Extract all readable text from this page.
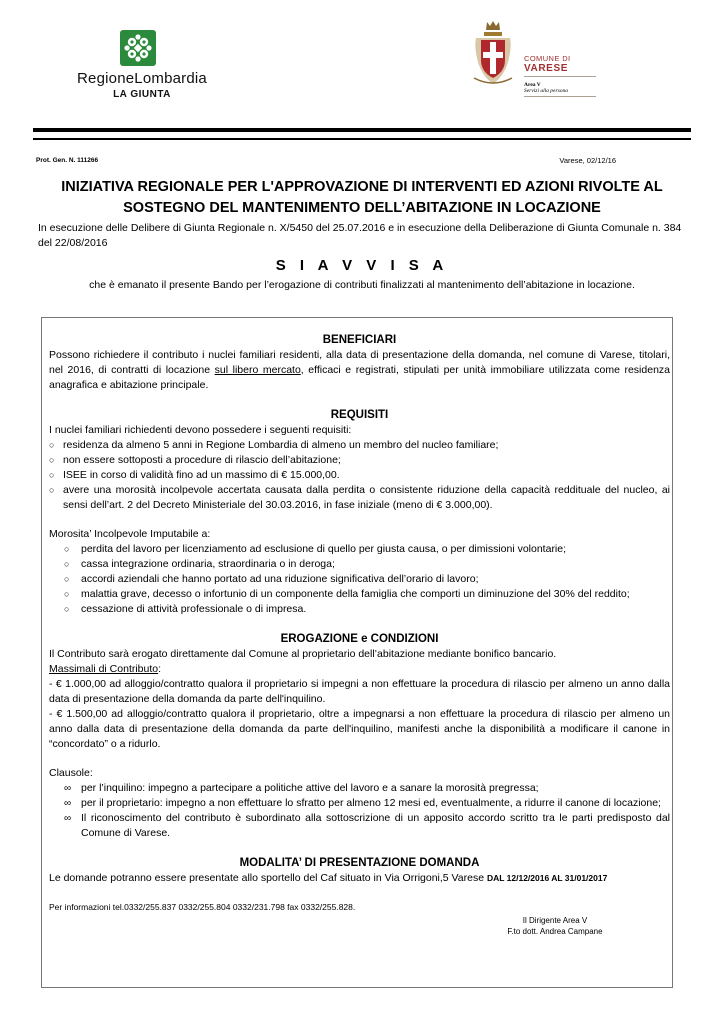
RegioneLombardia
LA GIUNTA
COMUNE DI
VARESE
Area V
Servizi alla persona
Prot. Gen. N. 111266	Varese, 02/12/16
INIZIATIVA REGIONALE PER L'APPROVAZIONE DI INTERVENTI ED AZIONI RIVOLTE AL
SOSTEGNO DEL MANTENIMENTO DELL’ABITAZIONE IN LOCAZIONE
In esecuzione delle Delibere di Giunta Regionale n. X/5450 del 25.07.2016 e in esecuzione della Deliberazione di Giunta Comunale n. 384 del 22/08/2016
S I A V V I S A
che è emanato il presente Bando per l’erogazione di contributi finalizzati al mantenimento dell’abitazione in locazione.
BENEFICIARI

Possono richiedere il contributo i nuclei familiari residenti, alla data di presentazione della domanda, nel comune di Varese, titolari, nel 2016, di contratti di locazione sul libero mercato, efficaci e registrati, stipulati per unità immobiliare utilizzata come residenza anagrafica e abitazione principale.

REQUISITI
I nuclei familiari richiedenti devono possedere i seguenti requisiti:
○ residenza da almeno 5 anni in Regione Lombardia di almeno un membro del nucleo familiare;
○ non essere sottoposti a procedure di rilascio dell’abitazione;
○ ISEE in corso di validità fino ad un massimo di € 15.000,00.
○ avere una morosità incolpevole accertata causata dalla perdita o consistente riduzione della capacità reddituale del nucleo, ai sensi dell’art. 2 del Decreto Ministeriale del 30.03.2016, in fase iniziale (meno di € 3.000,00).
Morosita’ Incolpevole Imputabile a:
○ perdita del lavoro per licenziamento ad esclusione di quello per giusta causa, o per dimissioni volontarie;
○ cassa integrazione ordinaria, straordinaria o in deroga;
○ accordi aziendali che hanno portato ad una riduzione significativa dell’orario di lavoro;
○ malattia grave, decesso o infortunio di un componente della famiglia che comporti un diminuzione del 30% del reddito;
○ cessazione di attività professionale o di impresa.
EROGAZIONE e CONDIZIONI
Il Contributo sarà erogato direttamente dal Comune al proprietario dell’abitazione mediante bonifico bancario.
Massimali di Contributo:

- € 1.000,00 ad alloggio/contratto qualora il proprietario si impegni a non effettuare la procedura di rilascio per almeno un anno dalla data di presentazione della domanda da parte dell'inquilino.

- € 1.500,00 ad alloggio/contratto qualora il proprietario, oltre a impegnarsi a non effettuare la procedura di rilascio per almeno un anno dalla data di presentazione della domanda da parte dell'inquilino, manifesti anche la disponibilità a modificare il canone in “concordato” o a ridurlo.

Clausole:
∞ per l’inquilino: impegno a partecipare a politiche attive del lavoro e a sanare la morosità pregressa;
∞ per il proprietario: impegno a non effettuare lo sfratto per almeno 12 mesi ed, eventualmente, a ridurre il canone di locazione;
∞ Il riconoscimento del contributo è subordinato alla sottoscrizione di un apposito accordo scritto tra le parti predisposto dal Comune di Varese.
MODALITA’ DI PRESENTAZIONE DOMANDA
Le domande potranno essere presentate allo sportello del Caf situato in Via Orrigoni,5 Varese DAL 12/12/2016 AL 31/01/2017
Per informazioni tel.0332/255.837 0332/255.804 0332/231.798 fax 0332/255.828.
Il Dirigente Area V
F.to dott. Andrea Campane
